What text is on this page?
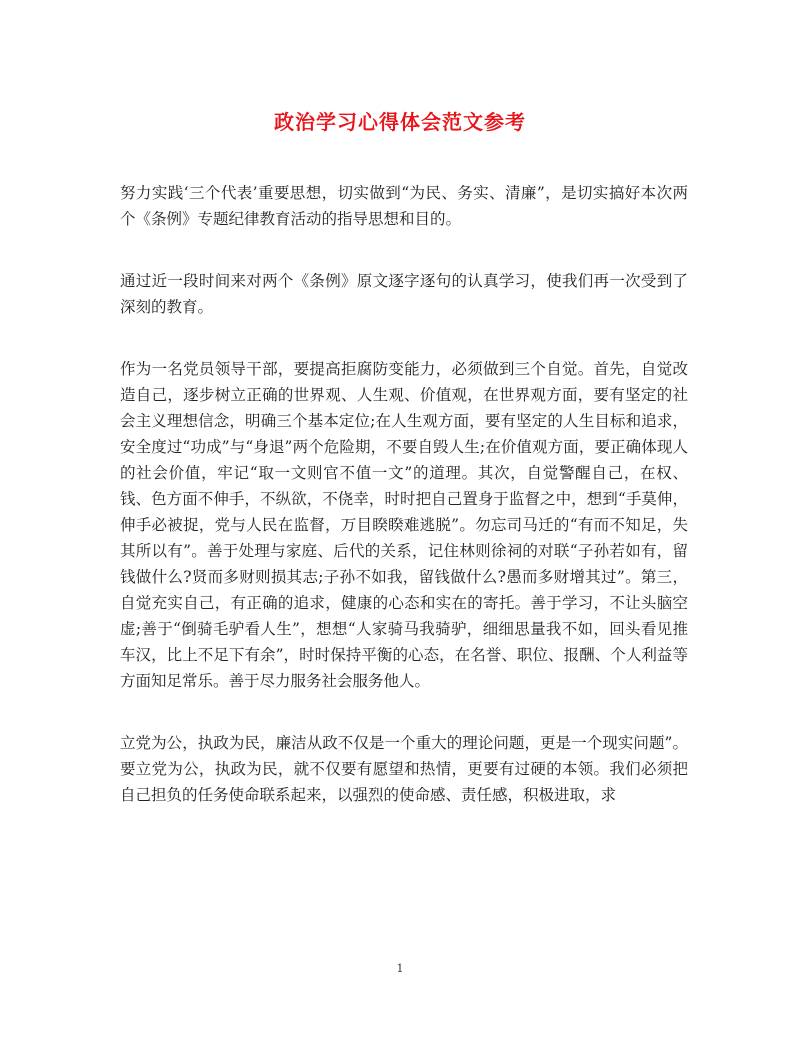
政治学习心得体会范文参考

努力实践‘三个代表’重要思想，切实做到“为民、务实、清廉”，是切实搞好本次两个《条例》专题纪律教育活动的指导思想和目的。

通过近一段时间来对两个《条例》原文逐字逐句的认真学习，使我们再一次受到了深刻的教育。

作为一名党员领导干部，要提高拒腐防变能力，必须做到三个自觉。首先，自觉改造自己，逐步树立正确的世界观、人生观、价值观，在世界观方面，要有坚定的社会主义理想信念，明确三个基本定位;在人生观方面，要有坚定的人生目标和追求，安全度过“功成”与“身退”两个危险期，不要自毁人生;在价值观方面，要正确体现人的社会价值，牢记“取一文则官不值一文”的道理。其次，自觉警醒自己，在权、钱、色方面不伸手，不纵欲，不侥幸，时时把自己置身于监督之中，想到“手莫伸，伸手必被捉，党与人民在监督，万目睽睽难逃脱”。勿忘司马迁的“有而不知足，失其所以有”。善于处理与家庭、后代的关系，记住林则徐祠的对联“子孙若如有，留钱做什么?贤而多财则损其志;子孙不如我，留钱做什么?愚而多财增其过”。第三，自觉充实自己，有正确的追求，健康的心态和实在的寄托。善于学习，不让头脑空虚;善于“倒骑毛驴看人生”，想想“人家骑马我骑驴，细细思量我不如，回头看见推车汉，比上不足下有余”，时时保持平衡的心态，在名誉、职位、报酬、个人利益等方面知足常乐。善于尽力服务社会服务他人。

立党为公，执政为民，廉洁从政不仅是一个重大的理论问题，更是一个现实问题”。要立党为公，执政为民，就不仅要有愿望和热情，更要有过硬的本领。我们必须把自己担负的任务使命联系起来，以强烈的使命感、责任感，积极进取，求

1
